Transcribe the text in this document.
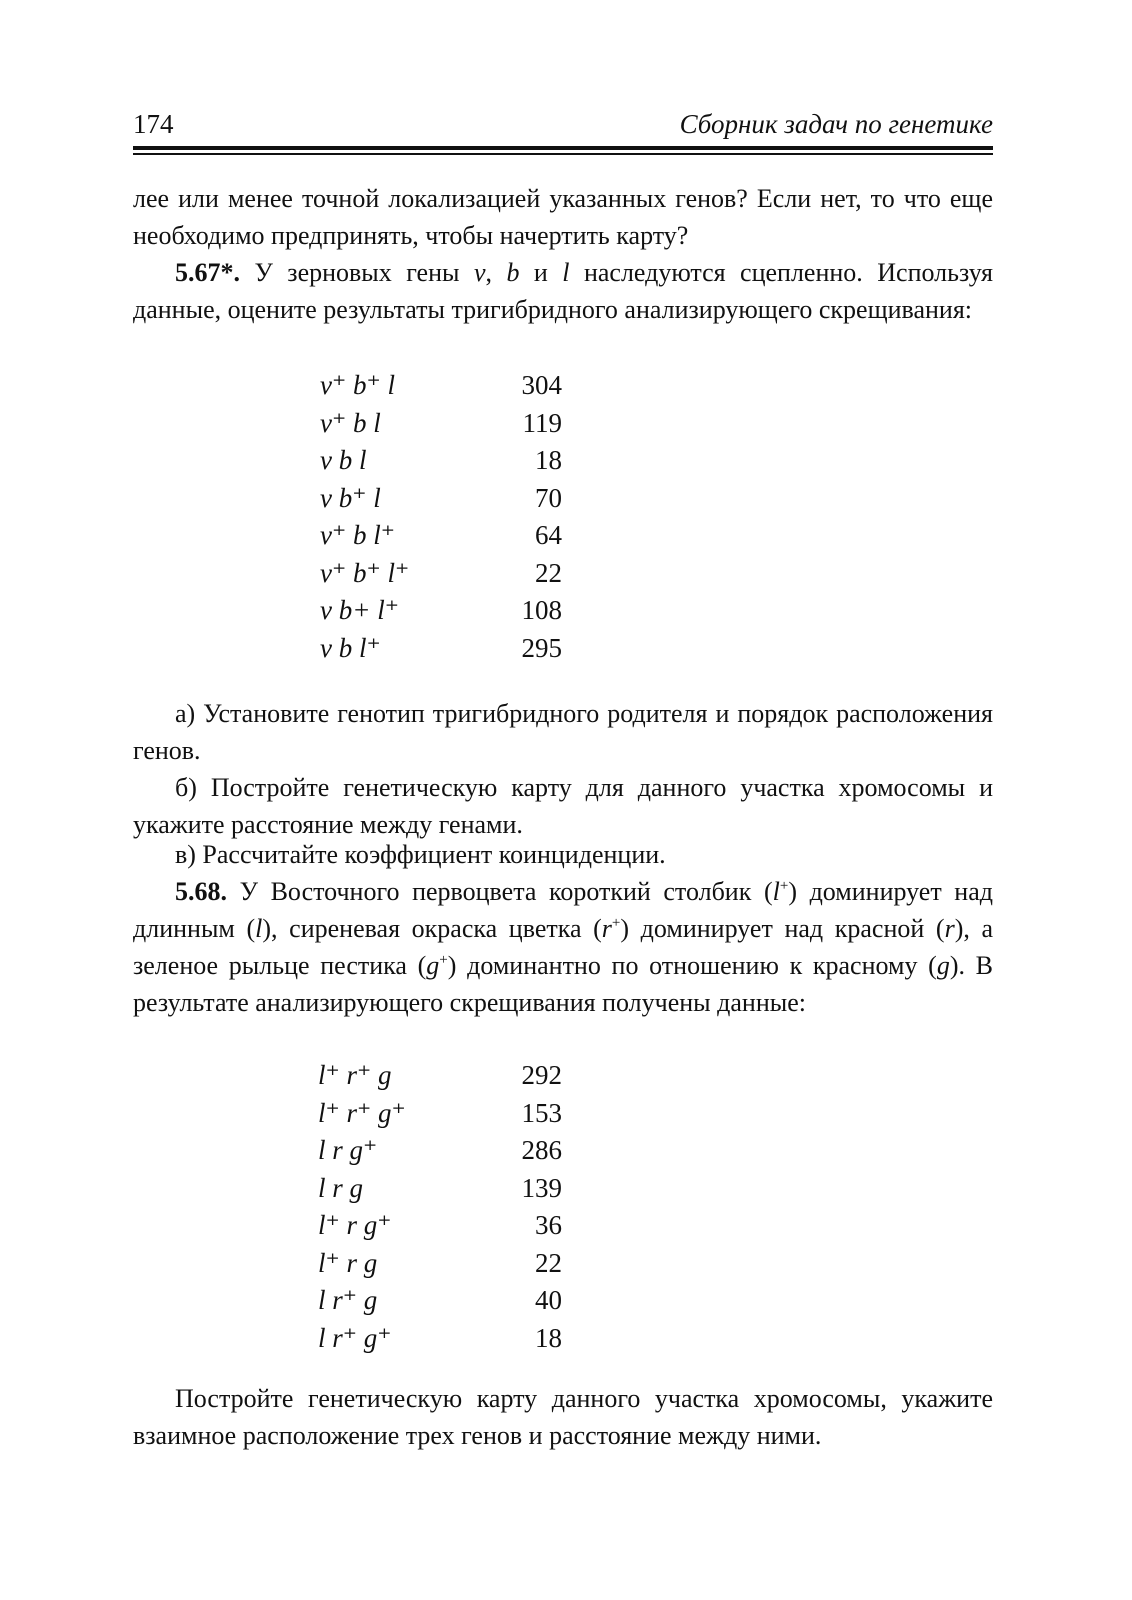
174	Сборник задач по генетике
лее или менее точной локализацией указанных генов? Если нет, то что еще необходимо предпринять, чтобы начертить карту?
5.67*. У зерновых гены v, b и l наследуются сцепленно. Используя данные, оцените результаты тригибридного анализирующего скрещивания:
v⁺ b⁺ l	304
v⁺ b l	119
v b l	18
v b⁺ l	70
v⁺ b l⁺	64
v⁺ b⁺ l⁺	22
v b+ l⁺	108
v b l⁺	295
а) Установите генотип тригибридного родителя и порядок расположения генов.
б) Постройте генетическую карту для данного участка хромосомы и укажите расстояние между генами.
в) Рассчитайте коэффициент коинциденции.
5.68. У Восточного первоцвета короткий столбик (l+) доминирует над длинным (l), сиреневая окраска цветка (r+) доминирует над красной (r), а зеленое рыльце пестика (g+) доминантно по отношению к красному (g). В результате анализирующего скрещивания получены данные:
l⁺ r⁺ g	292
l⁺ r⁺ g⁺	153
l r g⁺	286
l r g	139
l⁺ r g⁺	36
l⁺ r g	22
l r⁺ g	40
l r⁺ g⁺	18
Постройте генетическую карту данного участка хромосомы, укажите взаимное расположение трех генов и расстояние между ними.
